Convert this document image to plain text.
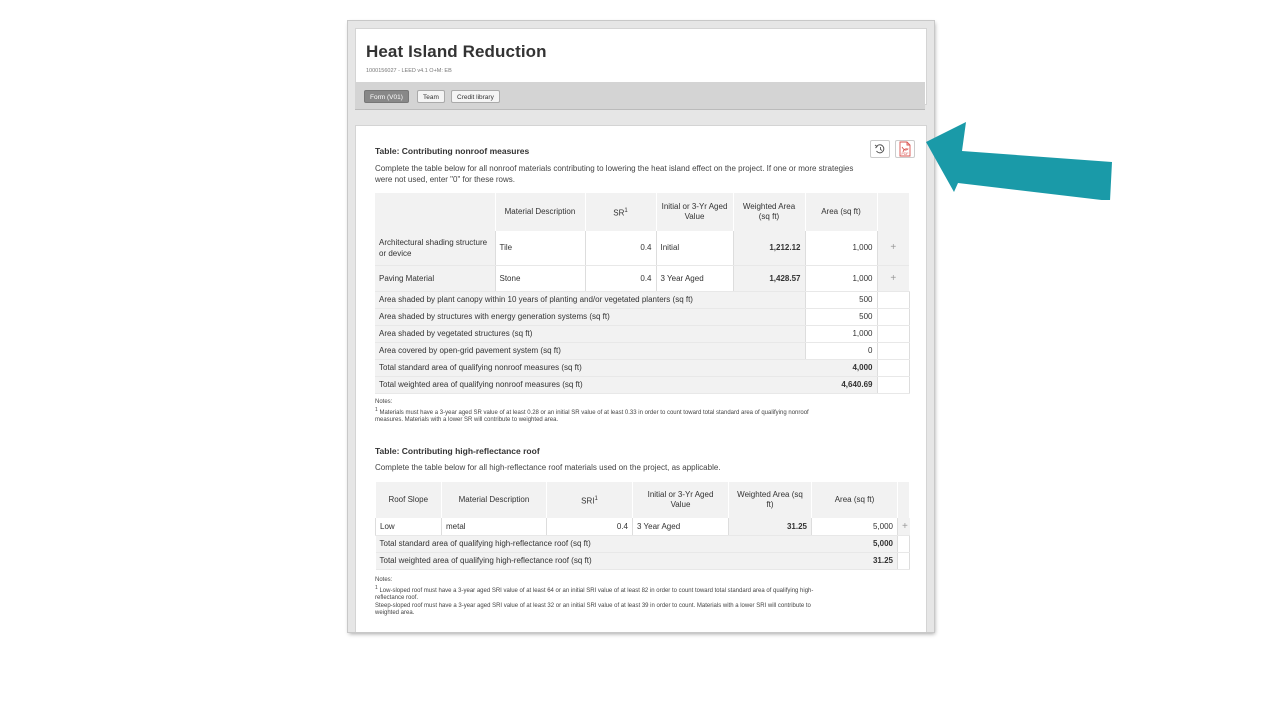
Heat Island Reduction
1000156027 - LEED v4.1 O+M: EB
Form (V01)	Team	Credit library
PDF
Table: Contributing nonroof measures
Complete the table below for all nonroof materials contributing to lowering the heat island effect on the project. If one or more strategies
were not used, enter "0" for these rows.
	Material Description	$SR^1$	Initial or 3-Yr Aged Value	Weighted Area (sq ft)	Area (sq ft)	
Architectural shading structure or device	Tile	0.4	Initial	1,212.12	1,000	+
Paving Material	Stone	0.4	3 Year Aged	1,428.57	1,000	+
Area shaded by plant canopy within 10 years of planting and/or vegetated planters (sq ft)					500	
Area shaded by structures with energy generation systems (sq ft)					500	
Area shaded by vegetated structures (sq ft)					1,000	
Area covered by open-grid pavement system (sq ft)					0	
Total standard area of qualifying nonroof measures (sq ft)					4,000	
Total weighted area of qualifying nonroof measures (sq ft)					4,640.69	
Notes:
$^1$ Materials must have a 3-year aged SR value of at least 0.28 or an initial SR value of at least 0.33 in order to count toward total standard area of qualifying nonroof
measures. Materials with a lower SR will contribute to weighted area.
Table: Contributing high-reflectance roof
Complete the table below for all high-reflectance roof materials used on the project, as applicable.
Roof Slope	Material Description	SRI$^1$	Initial or 3-Yr Aged Value	Weighted Area (sq ft)	Area (sq ft)	
Low	metal	0.4	3 Year Aged	31.25	5,000	+
Total standard area of qualifying high-reflectance roof (sq ft)					5,000	
Total weighted area of qualifying high-reflectance roof (sq ft)					31.25	
Notes:
$^1$ Low-sloped roof must have a 3-year aged SRI value of at least 64 or an initial SRI value of at least 82 in order to count toward total standard area of qualifying high-
reflectance roof.
Steep-sloped roof must have a 3-year aged SRI value of at least 32 or an initial SRI value of at least 39 in order to count. Materials with a lower SRI will contribute to
weighted area.
